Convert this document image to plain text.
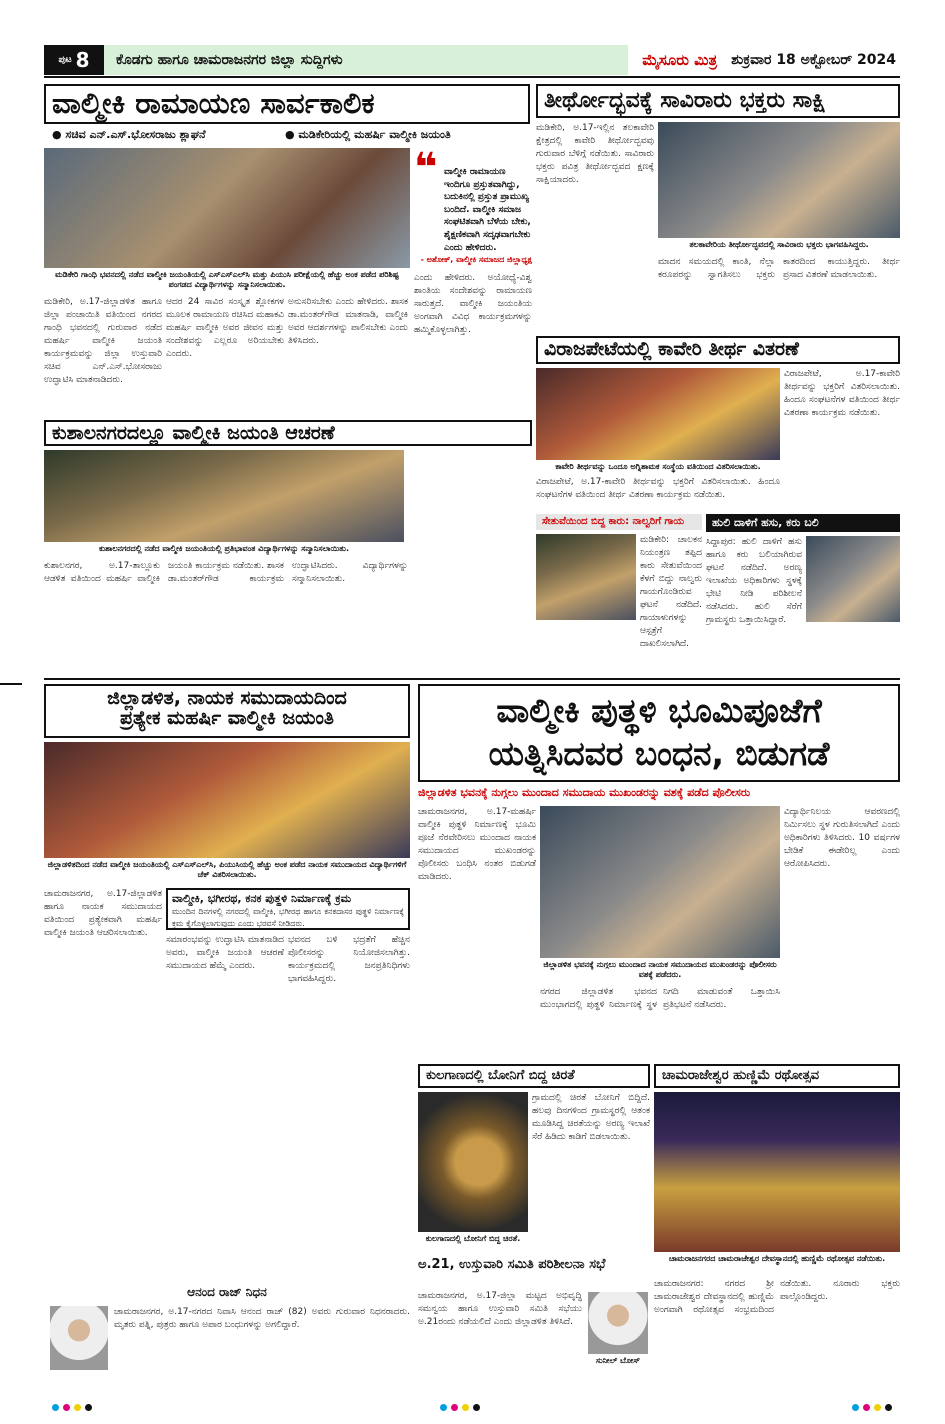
ಪುಟ 8	ಕೊಡಗು ಹಾಗೂ ಚಾಮರಾಜನಗರ ಜಿಲ್ಲಾ ಸುದ್ದಿಗಳು	ಮೈಸೂರು ಮಿತ್ರ	ಶುಕ್ರವಾರ 18 ಅಕ್ಟೋಬರ್ 2024
ವಾಲ್ಮೀಕಿ ರಾಮಾಯಣ ಸಾರ್ವಕಾಲಿಕ
● ಸಚಿವ ಎನ್.ಎಸ್.ಭೋಸರಾಜು ಶ್ಲಾಘನೆ	● ಮಡಿಕೇರಿಯಲ್ಲಿ ಮಹರ್ಷಿ ವಾಲ್ಮೀಕಿ ಜಯಂತಿ
❝ ವಾಲ್ಮೀಕಿ ರಾಮಾಯಣ ಇಂದಿಗೂ ಪ್ರಸ್ತುತವಾಗಿದ್ದು, ಬದುಕಿನಲ್ಲಿ ಪ್ರಸ್ತುತ ಪ್ರಾಮುಖ್ಯ ಬಂದಿದೆ. ವಾಲ್ಮೀಕಿ ಸಮಾಜ ಸಂಘಟಿತವಾಗಿ ಬೆಳೆಯ ಬೇಕು, ಶೈಕ್ಷಣಿಕವಾಗಿ ಸದೃಢವಾಗಬೇಕು ಎಂದು ಹೇಳಿದರು.
- ಅಶೋಕ್, ವಾಲ್ಮೀಕಿ ಸಮಾಜದ ಜಿಲ್ಲಾಧ್ಯಕ್ಷ
ಮಡಿಕೇರಿ ಗಾಂಧಿ ಭವನದಲ್ಲಿ ನಡೆದ ವಾಲ್ಮೀಕಿ ಜಯಂತಿಯಲ್ಲಿ ಎಸ್‌ಎಸ್‌ಎಲ್‌ಸಿ ಮತ್ತು ಪಿಯುಸಿ ಪರೀಕ್ಷೆಯಲ್ಲಿ ಹೆಚ್ಚು ಅಂಕ ಪಡೆದ ಪರಿಶಿಷ್ಟ ಪಂಗಡದ ವಿದ್ಯಾರ್ಥಿಗಳನ್ನು ಸನ್ಮಾನಿಸಲಾಯಿತು.
ಮಡಿಕೇರಿ, ಅ.17-ಜಿಲ್ಲಾಡಳಿತ ಹಾಗೂ ಜಿಲ್ಲಾ ಪಂಚಾಯಿತಿ ವತಿಯಿಂದ ನಗರದ ಗಾಂಧಿ ಭವನದಲ್ಲಿ ಗುರುವಾರ ನಡೆದ ಮಹರ್ಷಿ ವಾಲ್ಮೀಕಿ ಜಯಂತಿ ಕಾರ್ಯಕ್ರಮವನ್ನು ಜಿಲ್ಲಾ ಉಸ್ತುವಾರಿ ಸಚಿವ ಎನ್.ಎಸ್.ಭೋಸರಾಜು ಉದ್ಘಾಟಿಸಿ ಮಾತನಾಡಿದರು.
ಆದರ 24 ಸಾವಿರ ಸಂಸ್ಕೃತ ಶ್ಲೋಕಗಳ ಮೂಲಕ ರಾಮಾಯಣ ರಚಿಸಿದ ಮಹಾಕವಿ ಮಹರ್ಷಿ ವಾಲ್ಮೀಕಿ ಅವರ ಜೀವನ ಮತ್ತು ಸಂದೇಶವನ್ನು ಎಲ್ಲರೂ ಅರಿಯಬೇಕು ಎಂದರು.
ಅನುಸರಿಸಬೇಕು ಎಂದು ಹೇಳಿದರು. ಶಾಸಕ ಡಾ.ಮಂತರ್‌ಗೌಡ ಮಾತನಾಡಿ, ವಾಲ್ಮೀಕಿ ಅವರ ಆದರ್ಶಗಳನ್ನು ಪಾಲಿಸಬೇಕು ಎಂದು ತಿಳಿಸಿದರು.
ಎಂದು ಹೇಳಿದರು. ಅಯೋಧ್ಯೆ-ವಿಶ್ವ ಶಾಂತಿಯ ಸಂದೇಶವನ್ನು ರಾಮಾಯಣ ಸಾರುತ್ತದೆ. ವಾಲ್ಮೀಕಿ ಜಯಂತಿಯ ಅಂಗವಾಗಿ ವಿವಿಧ ಕಾರ್ಯಕ್ರಮಗಳನ್ನು ಹಮ್ಮಿಕೊಳ್ಳಲಾಗಿತ್ತು.
ಕುಶಾಲನಗರದಲ್ಲೂ ವಾಲ್ಮೀಕಿ ಜಯಂತಿ ಆಚರಣೆ
ಕುಶಾಲನಗರದಲ್ಲಿ ನಡೆದ ವಾಲ್ಮೀಕಿ ಜಯಂತಿಯಲ್ಲಿ ಪ್ರತಿಭಾವಂತ ವಿದ್ಯಾರ್ಥಿಗಳನ್ನು ಸನ್ಮಾನಿಸಲಾಯಿತು.
ಕುಶಾಲನಗರ, ಅ.17-ತಾಲ್ಲೂಕು ಆಡಳಿತ ವತಿಯಿಂದ ಮಹರ್ಷಿ ವಾಲ್ಮೀಕಿ ಜಯಂತಿ ಕಾರ್ಯಕ್ರಮ ನಡೆಯಿತು. ಶಾಸಕ ಡಾ.ಮಂತರ್‌ಗೌಡ ಕಾರ್ಯಕ್ರಮ ಉದ್ಘಾಟಿಸಿದರು. ವಿದ್ಯಾರ್ಥಿಗಳನ್ನು ಸನ್ಮಾನಿಸಲಾಯಿತು.
ತೀರ್ಥೋದ್ಭವಕ್ಕೆ ಸಾವಿರಾರು ಭಕ್ತರು ಸಾಕ್ಷಿ
ಮಡಿಕೇರಿ, ಅ.17-ಇಲ್ಲಿನ ತಲಕಾವೇರಿ ಕ್ಷೇತ್ರದಲ್ಲಿ ಕಾವೇರಿ ತೀರ್ಥೋದ್ಭವವು ಗುರುವಾರ ಬೆಳಿಗ್ಗೆ ನಡೆಯಿತು. ಸಾವಿರಾರು ಭಕ್ತರು ಪವಿತ್ರ ತೀರ್ಥೋದ್ಭವದ ಕ್ಷಣಕ್ಕೆ ಸಾಕ್ಷಿಯಾದರು.
ತಲಕಾವೇರಿಯ ತೀರ್ಥೋದ್ಭವದಲ್ಲಿ ಸಾವಿರಾರು ಭಕ್ತರು ಭಾಗವಹಿಸಿದ್ದರು.
ಮಾದನ ಸಮಯದಲ್ಲಿ ಕಾಂತಿ, ನೆಲ್ಲಾ ಕರೂಪರನ್ನು ಸ್ವಾಗತಿಸಲು ಭಕ್ತರು ಕಾತರದಿಂದ ಕಾಯುತ್ತಿದ್ದರು. ತೀರ್ಥ ಪ್ರಸಾದ ವಿತರಣೆ ಮಾಡಲಾಯಿತು.
ವಿರಾಜಪೇಟೆಯಲ್ಲಿ ಕಾವೇರಿ ತೀರ್ಥ ವಿತರಣೆ
ಕಾವೇರಿ ತೀರ್ಥವನ್ನು ಒಂದೂ ಅಗ್ನಿಶಾಮಕ ಸಂಸ್ಥೆಯ ವತಿಯಿಂದ ವಿತರಿಸಲಾಯಿತು.
ವಿರಾಜಪೇಟೆ, ಅ.17-ಕಾವೇರಿ ತೀರ್ಥವನ್ನು ಭಕ್ತರಿಗೆ ವಿತರಿಸಲಾಯಿತು. ಹಿಂದೂ ಸಂಘಟನೆಗಳ ವತಿಯಿಂದ ತೀರ್ಥ ವಿತರಣಾ ಕಾರ್ಯಕ್ರಮ ನಡೆಯಿತು.
ವಿರಾಜಪೇಟೆ, ಅ.17-ಕಾವೇರಿ ತೀರ್ಥವನ್ನು ಭಕ್ತರಿಗೆ ವಿತರಿಸಲಾಯಿತು. ಹಿಂದೂ ಸಂಘಟನೆಗಳ ವತಿಯಿಂದ ತೀರ್ಥ ವಿತರಣಾ ಕಾರ್ಯಕ್ರಮ ನಡೆಯಿತು.
ಸೇತುವೆಯಿಂದ ಬಿದ್ದ ಕಾರು: ನಾಲ್ವರಿಗೆ ಗಾಯ
ಮಡಿಕೇರಿ: ಚಾಲಕನ ನಿಯಂತ್ರಣ ತಪ್ಪಿದ ಕಾರು ಸೇತುವೆಯಿಂದ ಕೆಳಗೆ ಬಿದ್ದು ನಾಲ್ವರು ಗಾಯಗೊಂಡಿರುವ ಘಟನೆ ನಡೆದಿದೆ. ಗಾಯಾಳುಗಳನ್ನು ಆಸ್ಪತ್ರೆಗೆ ದಾಖಲಿಸಲಾಗಿದೆ.
ಹುಲಿ ದಾಳಿಗೆ ಹಸು, ಕರು ಬಲಿ
ಸಿದ್ದಾಪುರ: ಹುಲಿ ದಾಳಿಗೆ ಹಸು ಹಾಗೂ ಕರು ಬಲಿಯಾಗಿರುವ ಘಟನೆ ನಡೆದಿದೆ. ಅರಣ್ಯ ಇಲಾಖೆಯ ಅಧಿಕಾರಿಗಳು ಸ್ಥಳಕ್ಕೆ ಭೇಟಿ ನೀಡಿ ಪರಿಶೀಲನೆ ನಡೆಸಿದರು. ಹುಲಿ ಸೆರೆಗೆ ಗ್ರಾಮಸ್ಥರು ಒತ್ತಾಯಿಸಿದ್ದಾರೆ.
ಜಿಲ್ಲಾಡಳಿತ, ನಾಯಕ ಸಮುದಾಯದಿಂದ
ಪ್ರತ್ಯೇಕ ಮಹರ್ಷಿ ವಾಲ್ಮೀಕಿ ಜಯಂತಿ
ಜಿಲ್ಲಾಡಳಿತದಿಂದ ನಡೆದ ವಾಲ್ಮೀಕಿ ಜಯಂತಿಯಲ್ಲಿ ಎಸ್‌ಎಸ್‌ಎಲ್‌ಸಿ, ಪಿಯುಸಿಯಲ್ಲಿ ಹೆಚ್ಚು ಅಂಕ ಪಡೆದ ನಾಯಕ ಸಮುದಾಯದ ವಿದ್ಯಾರ್ಥಿಗಳಿಗೆ ಚೆಕ್ ವಿತರಿಸಲಾಯಿತು.
ಚಾಮರಾಜನಗರ, ಅ.17-ಜಿಲ್ಲಾಡಳಿತ ಹಾಗೂ ನಾಯಕ ಸಮುದಾಯದ ವತಿಯಿಂದ ಪ್ರತ್ಯೇಕವಾಗಿ ಮಹರ್ಷಿ ವಾಲ್ಮೀಕಿ ಜಯಂತಿ ಆಚರಿಸಲಾಯಿತು.
ವಾಲ್ಮೀಕಿ, ಭಗೀರಥ, ಕನಕ ಪುತ್ಥಳಿ ನಿರ್ಮಾಣಕ್ಕೆ ಕ್ರಮ
ಮುಂದಿನ ದಿನಗಳಲ್ಲಿ ನಗರದಲ್ಲಿ ವಾಲ್ಮೀಕಿ, ಭಗೀರಥ ಹಾಗೂ ಕನಕದಾಸರ ಪುತ್ಥಳಿ ನಿರ್ಮಾಣಕ್ಕೆ ಕ್ರಮ ಕೈಗೊಳ್ಳಲಾಗುವುದು ಎಂದು ಭರವಸೆ ನೀಡಿದರು.
ಸಮಾರಂಭವನ್ನು ಉದ್ಘಾಟಿಸಿ ಮಾತನಾಡಿದ ಅವರು, ವಾಲ್ಮೀಕಿ ಜಯಂತಿ ಆಚರಣೆ ಸಮುದಾಯದ ಹೆಮ್ಮೆ ಎಂದರು.
ಭವನದ ಬಳಿ ಭದ್ರತೆಗೆ ಹೆಚ್ಚಿನ ಪೊಲೀಸರನ್ನು ನಿಯೋಜಿಸಲಾಗಿತ್ತು. ಕಾರ್ಯಕ್ರಮದಲ್ಲಿ ಜನಪ್ರತಿನಿಧಿಗಳು ಭಾಗವಹಿಸಿದ್ದರು.
ಆನಂದ ರಾಜ್ ನಿಧನ
ಚಾಮರಾಜನಗರ, ಅ.17-ನಗರದ ನಿವಾಸಿ ಆನಂದ ರಾಜ್ (82) ಅವರು ಗುರುವಾರ ನಿಧನರಾದರು. ಮೃತರು ಪತ್ನಿ, ಪುತ್ರರು ಹಾಗೂ ಅಪಾರ ಬಂಧುಗಳನ್ನು ಅಗಲಿದ್ದಾರೆ.
ವಾಲ್ಮೀಕಿ ಪುತ್ಥಳಿ ಭೂಮಿಪೂಜೆಗೆ
ಯತ್ನಿಸಿದವರ ಬಂಧನ, ಬಿಡುಗಡೆ
ಜಿಲ್ಲಾಡಳಿತ ಭವನಕ್ಕೆ ನುಗ್ಗಲು ಮುಂದಾದ ಸಮುದಾಯ ಮುಖಂಡರನ್ನು ವಶಕ್ಕೆ ಪಡೆದ ಪೊಲೀಸರು
ಚಾಮರಾಜನಗರ, ಅ.17-ಮಹರ್ಷಿ ವಾಲ್ಮೀಕಿ ಪುತ್ಥಳಿ ನಿರ್ಮಾಣಕ್ಕೆ ಭೂಮಿ ಪೂಜೆ ನೆರವೇರಿಸಲು ಮುಂದಾದ ನಾಯಕ ಸಮುದಾಯದ ಮುಖಂಡರನ್ನು ಪೊಲೀಸರು ಬಂಧಿಸಿ ನಂತರ ಬಿಡುಗಡೆ ಮಾಡಿದರು.
ಜಿಲ್ಲಾಡಳಿತ ಭವನಕ್ಕೆ ನುಗ್ಗಲು ಮುಂದಾದ ನಾಯಕ ಸಮುದಾಯದ ಮುಖಂಡರನ್ನು ಪೊಲೀಸರು ವಶಕ್ಕೆ ಪಡೆದರು.
ವಿದ್ಯಾರ್ಥಿನಿಲಯ ಆವರಣದಲ್ಲಿ ನಿರ್ಮಿಸಲು ಸ್ಥಳ ಗುರುತಿಸಲಾಗಿದೆ ಎಂದು ಅಧಿಕಾರಿಗಳು ತಿಳಿಸಿದರು. 10 ವರ್ಷಗಳ ಬೇಡಿಕೆ ಈಡೇರಿಲ್ಲ ಎಂದು ಆರೋಪಿಸಿದರು.
ನಗರದ ಜಿಲ್ಲಾಡಳಿತ ಭವನದ ಮುಂಭಾಗದಲ್ಲಿ ಪುತ್ಥಳಿ ನಿರ್ಮಾಣಕ್ಕೆ ಸ್ಥಳ ನಿಗದಿ ಮಾಡುವಂತೆ ಒತ್ತಾಯಿಸಿ ಪ್ರತಿಭಟನೆ ನಡೆಸಿದರು.
ಕುಲಗಾಣದಲ್ಲಿ ಬೋನಿಗೆ ಬಿದ್ದ ಚಿರತೆ
ಕುಲಗಾಣದಲ್ಲಿ ಬೋನಿಗೆ ಬಿದ್ದ ಚಿರತೆ.
ಗ್ರಾಮದಲ್ಲಿ ಚಿರತೆ ಬೋನಿಗೆ ಬಿದ್ದಿದೆ. ಹಲವು ದಿನಗಳಿಂದ ಗ್ರಾಮಸ್ಥರಲ್ಲಿ ಆತಂಕ ಮೂಡಿಸಿದ್ದ ಚಿರತೆಯನ್ನು ಅರಣ್ಯ ಇಲಾಖೆ ಸೆರೆ ಹಿಡಿದು ಕಾಡಿಗೆ ಬಿಡಲಾಯಿತು.
ಚಾಮರಾಜೇಶ್ವರ ಹುಣ್ಣಿಮೆ ರಥೋತ್ಸವ
ಚಾಮರಾಜನಗರದ ಚಾಮರಾಜೇಶ್ವರ ದೇವಸ್ಥಾನದಲ್ಲಿ ಹುಣ್ಣಿಮೆ ರಥೋತ್ಸವ ನಡೆಯಿತು.
ಚಾಮರಾಜನಗರ: ನಗರದ ಶ್ರೀ ಚಾಮರಾಜೇಶ್ವರ ದೇವಸ್ಥಾನದಲ್ಲಿ ಹುಣ್ಣಿಮೆ ಅಂಗವಾಗಿ ರಥೋತ್ಸವ ಸಂಭ್ರಮದಿಂದ ನಡೆಯಿತು. ನೂರಾರು ಭಕ್ತರು ಪಾಲ್ಗೊಂಡಿದ್ದರು.
ಅ.21, ಉಸ್ತುವಾರಿ ಸಮಿತಿ ಪರಿಶೀಲನಾ ಸಭೆ
ಚಾಮರಾಜನಗರ, ಅ.17-ಜಿಲ್ಲಾ ಮಟ್ಟದ ಅಭಿವೃದ್ಧಿ ಸಮನ್ವಯ ಹಾಗೂ ಉಸ್ತುವಾರಿ ಸಮಿತಿ ಸಭೆಯು ಅ.21ರಂದು ನಡೆಯಲಿದೆ ಎಂದು ಜಿಲ್ಲಾಡಳಿತ ತಿಳಿಸಿದೆ.
ಸುನೀಲ್ ಬೋಸ್
